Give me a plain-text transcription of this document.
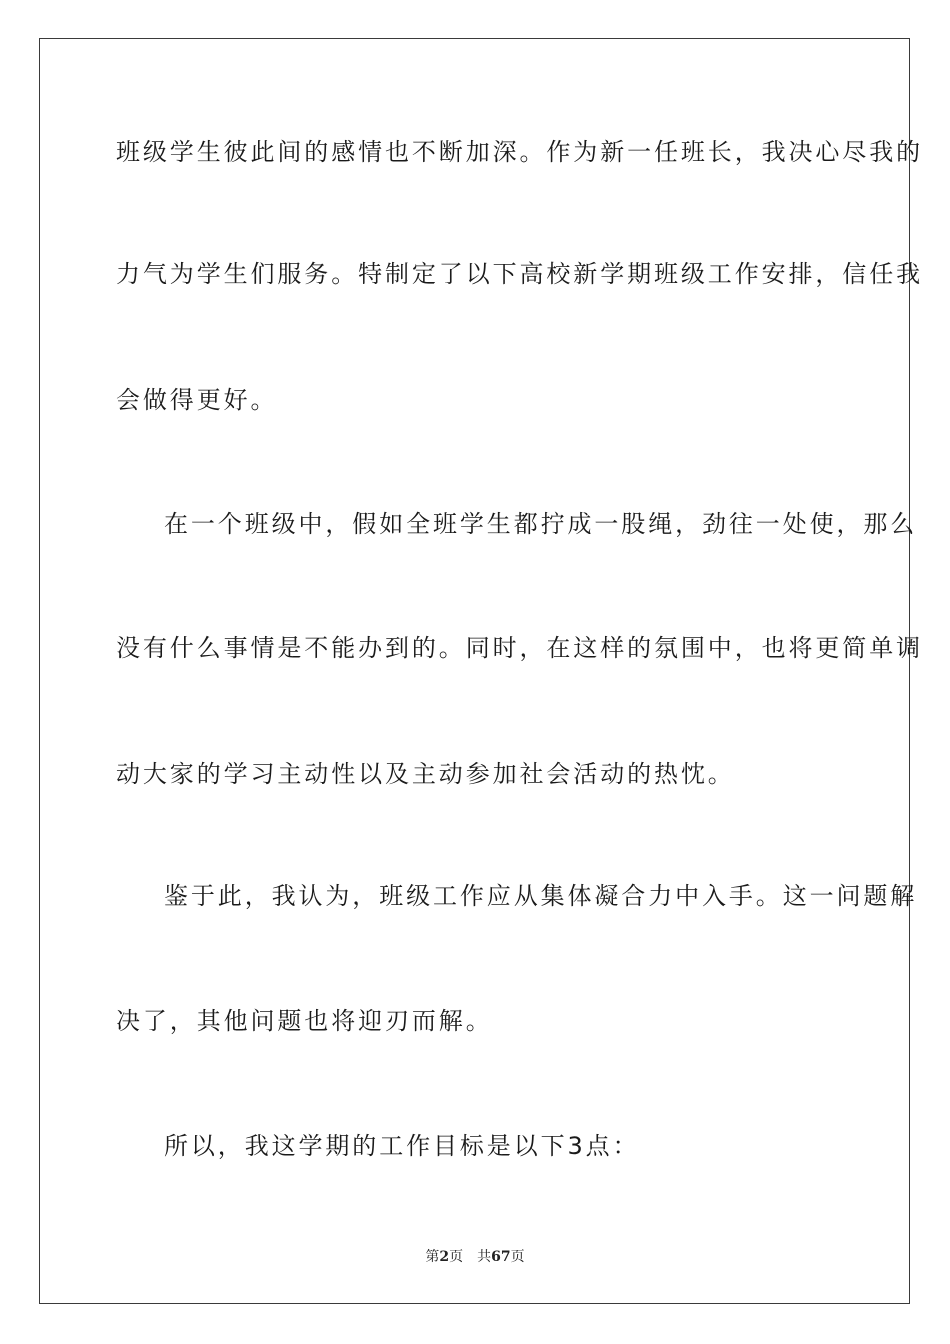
班级学生彼此间的感情也不断加深。作为新一任班长，我决心尽我的
力气为学生们服务。特制定了以下高校新学期班级工作安排，信任我
会做得更好。
在一个班级中，假如全班学生都拧成一股绳，劲往一处使，那么
没有什么事情是不能办到的。同时，在这样的氛围中，也将更简单调
动大家的学习主动性以及主动参加社会活动的热忱。
鉴于此，我认为，班级工作应从集体凝合力中入手。这一问题解
决了，其他问题也将迎刃而解。
所以，我这学期的工作目标是以下3点：
第2页 共67页
